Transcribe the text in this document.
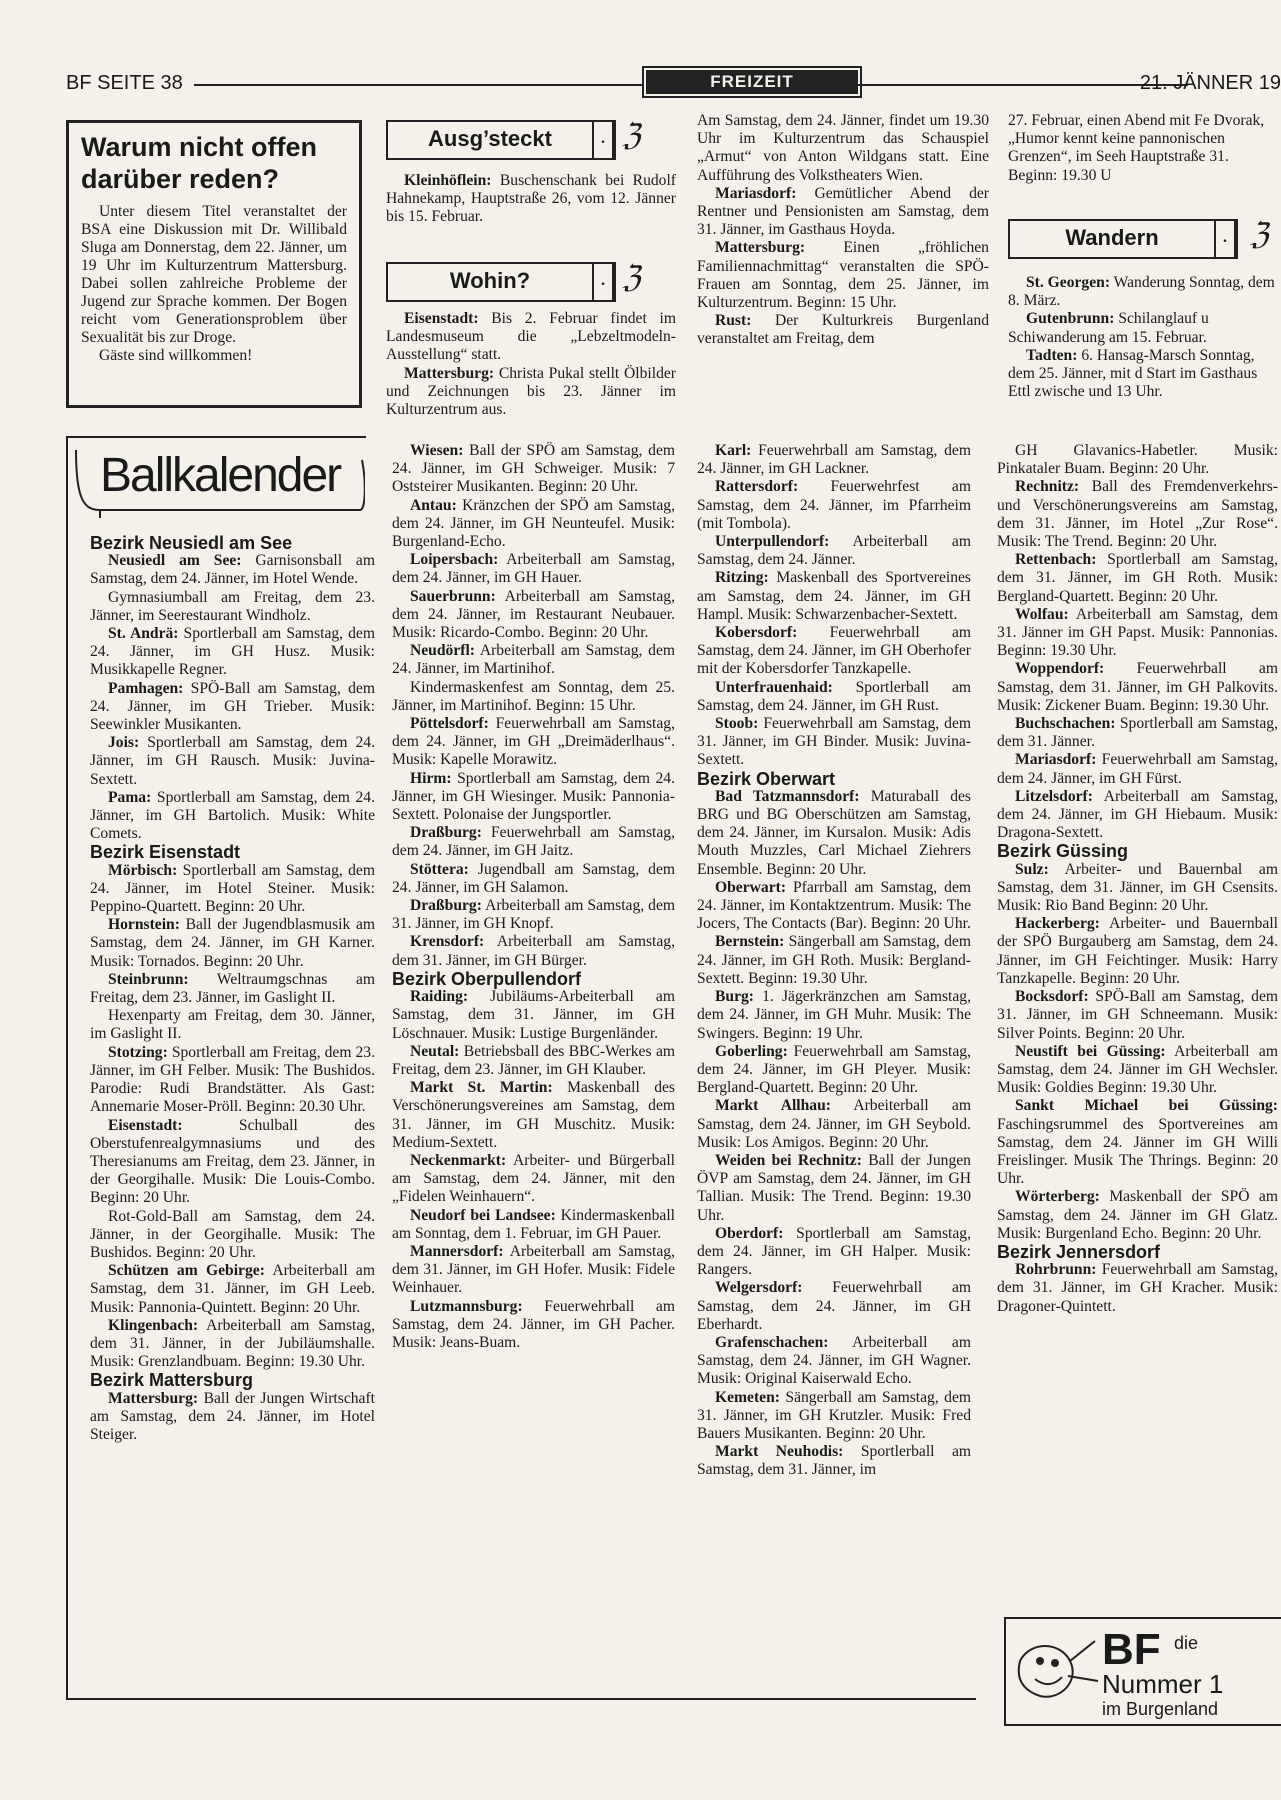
BF SEITE 38	FREIZEIT	21. JÄNNER 19
Warum nicht offen darüber reden?

Unter diesem Titel veranstaltet der BSA eine Diskussion mit Dr. Willibald Sluga am Donnerstag, dem 22. Jänner, um 19 Uhr im Kulturzentrum Mattersburg. Dabei sollen zahlreiche Probleme der Jugend zur Sprache kommen. Der Bogen reicht vom Generationsproblem über Sexualität bis zur Droge.

Gäste sind willkommen!

Ausg’steckt	. ℨ

Kleinhöflein: Buschenschank bei Rudolf Hahnekamp, Hauptstraße 26, vom 12. Jänner bis 15. Februar.

Wohin?	. ℨ

Eisenstadt: Bis 2. Februar findet im Landesmuseum die „Lebzeltmodeln-Ausstellung“ statt.

Mattersburg: Christa Pukal stellt Ölbilder und Zeichnungen bis 23. Jänner im Kulturzentrum aus.

Am Samstag, dem 24. Jänner, findet um 19.30 Uhr im Kulturzentrum das Schauspiel „Armut“ von Anton Wildgans statt. Eine Aufführung des Volkstheaters Wien.

Mariasdorf: Gemütlicher Abend der Rentner und Pensionisten am Samstag, dem 31. Jänner, im Gasthaus Hoyda.

Mattersburg: Einen „fröhlichen Familiennachmittag“ veranstalten die SPÖ-Frauen am Sonntag, dem 25. Jänner, im Kulturzentrum. Beginn: 15 Uhr.

Rust: Der Kulturkreis Burgenland veranstaltet am Freitag, dem

27. Februar, einen Abend mit Fe Dvorak, „Humor kennt keine pannonischen Grenzen“, im Seeh Hauptstraße 31. Beginn: 19.30 U

Wandern	. ℨ

St. Georgen: Wanderung Sonntag, dem 8. März.

Gutenbrunn: Schilanglauf u Schiwanderung am 15. Februar.

Tadten: 6. Hansag-Marsch Sonntag, dem 25. Jänner, mit d Start im Gasthaus Ettl zwische und 13 Uhr.

Ballkalender

Bezirk Neusiedl am See

Neusiedl am See: Garnisonsball am Samstag, dem 24. Jänner, im Hotel Wende.

Gymnasiumball am Freitag, dem 23. Jänner, im Seerestaurant Windholz.

St. Andrä: Sportlerball am Samstag, dem 24. Jänner, im GH Husz. Musik: Musikkapelle Regner.

Pamhagen: SPÖ-Ball am Samstag, dem 24. Jänner, im GH Trieber. Musik: Seewinkler Musikanten.

Jois: Sportlerball am Samstag, dem 24. Jänner, im GH Rausch. Musik: Juvina-Sextett.

Pama: Sportlerball am Samstag, dem 24. Jänner, im GH Bartolich. Musik: White Comets.

Bezirk Eisenstadt

Mörbisch: Sportlerball am Samstag, dem 24. Jänner, im Hotel Steiner. Musik: Peppino-Quartett. Beginn: 20 Uhr.

Hornstein: Ball der Jugendblasmusik am Samstag, dem 24. Jänner, im GH Karner. Musik: Tornados. Beginn: 20 Uhr.

Steinbrunn: Weltraumgschnas am Freitag, dem 23. Jänner, im Gaslight II.

Hexenparty am Freitag, dem 30. Jänner, im Gaslight II.

Stotzing: Sportlerball am Freitag, dem 23. Jänner, im GH Felber. Musik: The Bushidos. Parodie: Rudi Brandstätter. Als Gast: Annemarie Moser-Pröll. Beginn: 20.30 Uhr.

Eisenstadt:	Schulball des Oberstufenrealgymnasiums und des Theresianums am Freitag, dem 23. Jänner, in der Georgihalle. Musik: Die Louis-Combo. Beginn: 20 Uhr.

Rot-Gold-Ball am Samstag, dem 24. Jänner, in der Georgihalle. Musik: The Bushidos. Beginn: 20 Uhr.

Schützen am Gebirge: Arbeiterball am Samstag, dem 31. Jänner, im GH Leeb. Musik: Pannonia-Quintett. Beginn: 20 Uhr.

Klingenbach: Arbeiterball am Samstag, dem 31. Jänner, in der Jubiläumshalle. Musik: Grenzlandbuam. Beginn: 19.30 Uhr.

Bezirk Mattersburg

Mattersburg: Ball der Jungen Wirtschaft am Samstag, dem 24. Jänner, im Hotel Steiger.

Wiesen: Ball der SPÖ am Samstag, dem 24. Jänner, im GH Schweiger. Musik: 7 Oststeirer Musikanten. Beginn: 20 Uhr.

Antau: Kränzchen der SPÖ am Samstag, dem 24. Jänner, im GH Neunteufel. Musik: Burgenland-Echo.

Loipersbach: Arbeiterball am Samstag, dem 24. Jänner, im GH Hauer.

Sauerbrunn: Arbeiterball am Samstag, dem 24. Jänner, im Restaurant Neubauer. Musik: Ricardo-Combo. Beginn: 20 Uhr.

Neudörfl: Arbeiterball am Samstag, dem 24. Jänner, im Martinihof.

Kindermaskenfest am Sonntag, dem 25. Jänner, im Martinihof. Beginn: 15 Uhr.

Pöttelsdorf: Feuerwehrball am Samstag, dem 24. Jänner, im GH „Dreimäderlhaus“. Musik: Kapelle Morawitz.

Hirm: Sportlerball am Samstag, dem 24. Jänner, im GH Wiesinger. Musik: Pannonia-Sextett. Polonaise der Jungsportler.

Draßburg: Feuerwehrball am Samstag, dem 24. Jänner, im GH Jaitz.

Stöttera: Jugendball am Samstag, dem 24. Jänner, im GH Salamon.

Draßburg: Arbeiterball am Samstag, dem 31. Jänner, im GH Knopf.

Krensdorf: Arbeiterball am Samstag, dem 31. Jänner, im GH Bürger.

Bezirk Oberpullendorf

Raiding: Jubiläums-Arbeiterball am Samstag, dem 31. Jänner, im GH Löschnauer. Musik: Lustige Burgenländer.

Neutal: Betriebsball des BBC-Werkes am Freitag, dem 23. Jänner, im GH Klauber.

Markt St. Martin: Maskenball des Verschönerungsvereines am Samstag, dem 31. Jänner, im GH Muschitz. Musik: Medium-Sextett.

Neckenmarkt: Arbeiter- und Bürgerball am Samstag, dem 24. Jänner, mit den „Fidelen Weinhauern“.

Neudorf bei Landsee: Kindermaskenball am Sonntag, dem 1. Februar, im GH Pauer.

Mannersdorf: Arbeiterball am Samstag, dem 31. Jänner, im GH Hofer. Musik: Fidele Weinhauer.

Lutzmannsburg: Feuerwehrball am Samstag, dem 24. Jänner, im GH Pacher. Musik: Jeans-Buam.

Karl: Feuerwehrball am Samstag, dem 24. Jänner, im GH Lackner.

Rattersdorf: Feuerwehrfest am Samstag, dem 24. Jänner, im Pfarrheim (mit Tombola).

Unterpullendorf: Arbeiterball am Samstag, dem 24. Jänner.

Ritzing: Maskenball des Sportvereines am Samstag, dem 24. Jänner, im GH Hampl. Musik: Schwarzenbacher-Sextett.

Kobersdorf: Feuerwehrball am Samstag, dem 24. Jänner, im GH Oberhofer mit der Kobersdorfer Tanzkapelle.

Unterfrauenhaid: Sportlerball am Samstag, dem 24. Jänner, im GH Rust.

Stoob: Feuerwehrball am Samstag, dem 31. Jänner, im GH Binder. Musik: Juvina-Sextett.

Bezirk Oberwart

Bad Tatzmannsdorf: Maturaball des BRG und BG Oberschützen am Samstag, dem 24. Jänner, im Kursalon. Musik: Adis Mouth Muzzles, Carl Michael Ziehrers Ensemble. Beginn: 20 Uhr.

Oberwart: Pfarrball am Samstag, dem 24. Jänner, im Kontaktzentrum. Musik: The Jocers, The Contacts (Bar). Beginn: 20 Uhr.

Bernstein: Sängerball am Samstag, dem 24. Jänner, im GH Roth. Musik: Bergland-Sextett. Beginn: 19.30 Uhr.

Burg: 1. Jägerkränzchen am Samstag, dem 24. Jänner, im GH Muhr. Musik: The Swingers. Beginn: 19 Uhr.

Goberling: Feuerwehrball am Samstag, dem 24. Jänner, im GH Pleyer. Musik: Bergland-Quartett. Beginn: 20 Uhr.

Markt Allhau: Arbeiterball am Samstag, dem 24. Jänner, im GH Seybold. Musik: Los Amigos. Beginn: 20 Uhr.

Weiden bei Rechnitz: Ball der Jungen ÖVP am Samstag, dem 24. Jänner, im GH Tallian. Musik: The Trend. Beginn: 19.30 Uhr.

Oberdorf: Sportlerball am Samstag, dem 24. Jänner, im GH Halper. Musik: Rangers.

Welgersdorf: Feuerwehrball am Samstag, dem 24. Jänner, im GH Eberhardt.

Grafenschachen: Arbeiterball am Samstag, dem 24. Jänner, im GH Wagner. Musik: Original Kaiserwald Echo.

Kemeten: Sängerball am Samstag, dem 31. Jänner, im GH Krutzler. Musik: Fred Bauers Musikanten. Beginn: 20 Uhr.

Markt Neuhodis: Sportlerball am Samstag, dem 31. Jänner, im

GH Glavanics-Habetler. Musik: Pinkataler Buam. Beginn: 20 Uhr.

Rechnitz: Ball des Fremdenverkehrs- und Verschönerungsvereins am Samstag, dem 31. Jänner, im Hotel „Zur Rose“. Musik: The Trend. Beginn: 20 Uhr.

Rettenbach: Sportlerball am Samstag, dem 31. Jänner, im GH Roth. Musik: Bergland-Quartett. Beginn: 20 Uhr.

Wolfau: Arbeiterball am Samstag, dem 31. Jänner im GH Papst. Musik: Pannonias. Beginn: 19.30 Uhr.

Woppendorf: Feuerwehrball am Samstag, dem 31. Jänner, im GH Palkovits. Musik: Zickener Buam. Beginn: 19.30 Uhr.

Buchschachen: Sportlerball am Samstag, dem 31. Jänner.

Mariasdorf: Feuerwehrball am Samstag, dem 24. Jänner, im GH Fürst.

Litzelsdorf: Arbeiterball am Samstag, dem 24. Jänner, im GH Hiebaum. Musik: Dragona-Sextett.

Bezirk Güssing

Sulz: Arbeiter- und Bauernbal am Samstag, dem 31. Jänner, im GH Csensits. Musik: Rio Band Beginn: 20 Uhr.

Hackerberg: Arbeiter- und Bauernball der SPÖ Burgauberg am Samstag, dem 24. Jänner, im GH Feichtinger. Musik: Harry Tanzkapelle. Beginn: 20 Uhr.

Bocksdorf: SPÖ-Ball am Samstag, dem 31. Jänner, im GH Schneemann. Musik: Silver Points. Beginn: 20 Uhr.

Neustift bei Güssing: Arbeiterball am Samstag, dem 24. Jänner im GH Wechsler. Musik: Goldies Beginn: 19.30 Uhr.

Sankt Michael bei Güssing: Faschingsrummel des Sportvereines am Samstag, dem 24. Jänner im GH Willi Freislinger. Musik The Thrings. Beginn: 20 Uhr.

Wörterberg: Maskenball der SPÖ am Samstag, dem 24. Jänner im GH Glatz. Musik: Burgenland Echo. Beginn: 20 Uhr.

Bezirk Jennersdorf

Rohrbrunn: Feuerwehrball am Samstag, dem 31. Jänner, im GH Kracher. Musik: Dragoner-Quintett.

BF die
Nummer 1
im Burgenland
